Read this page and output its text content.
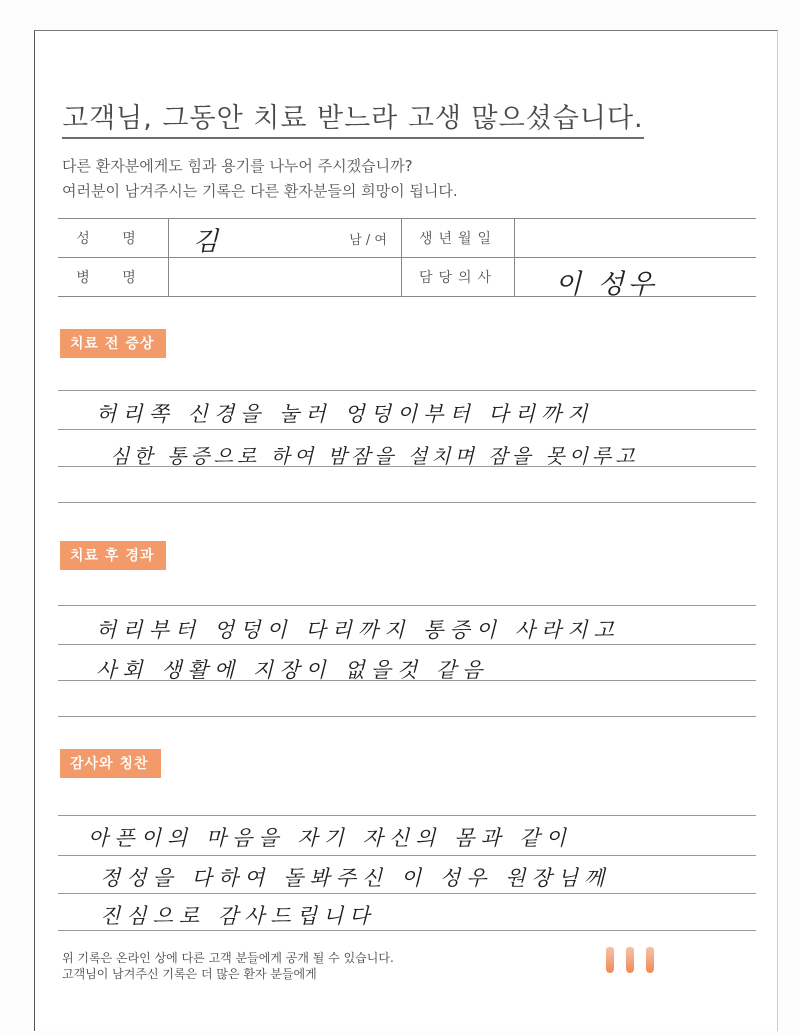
고객님, 그동안 치료 받느라 고생 많으셨습니다.
다른 환자분에게도 힘과 용기를 나누어 주시겠습니까?
여러분이 남겨주시는 기록은 다른 환자분들의 희망이 됩니다.
성 명	김 남 / 여	생년월일	
병 명		담당의사	이 성우
치료 전 증상
허리쪽 신경을 눌러 엉덩이부터 다리까지
심한 통증으로 하여 밤잠을 설치며 잠을 못이루고
치료 후 경과
허리부터 엉덩이 다리까지 통증이 사라지고
사회 생활에 지장이 없을것 같음
감사와 칭찬
아픈이의 마음을 자기 자신의 몸과 같이
정성을 다하여 돌봐주신 이 성우 원장님께
진심으로 감사드립니다
위 기록은 온라인 상에 다른 고객 분들에게 공개 될 수 있습니다.
고객님이 남겨주신 기록은 더 많은 환자 분들에게
